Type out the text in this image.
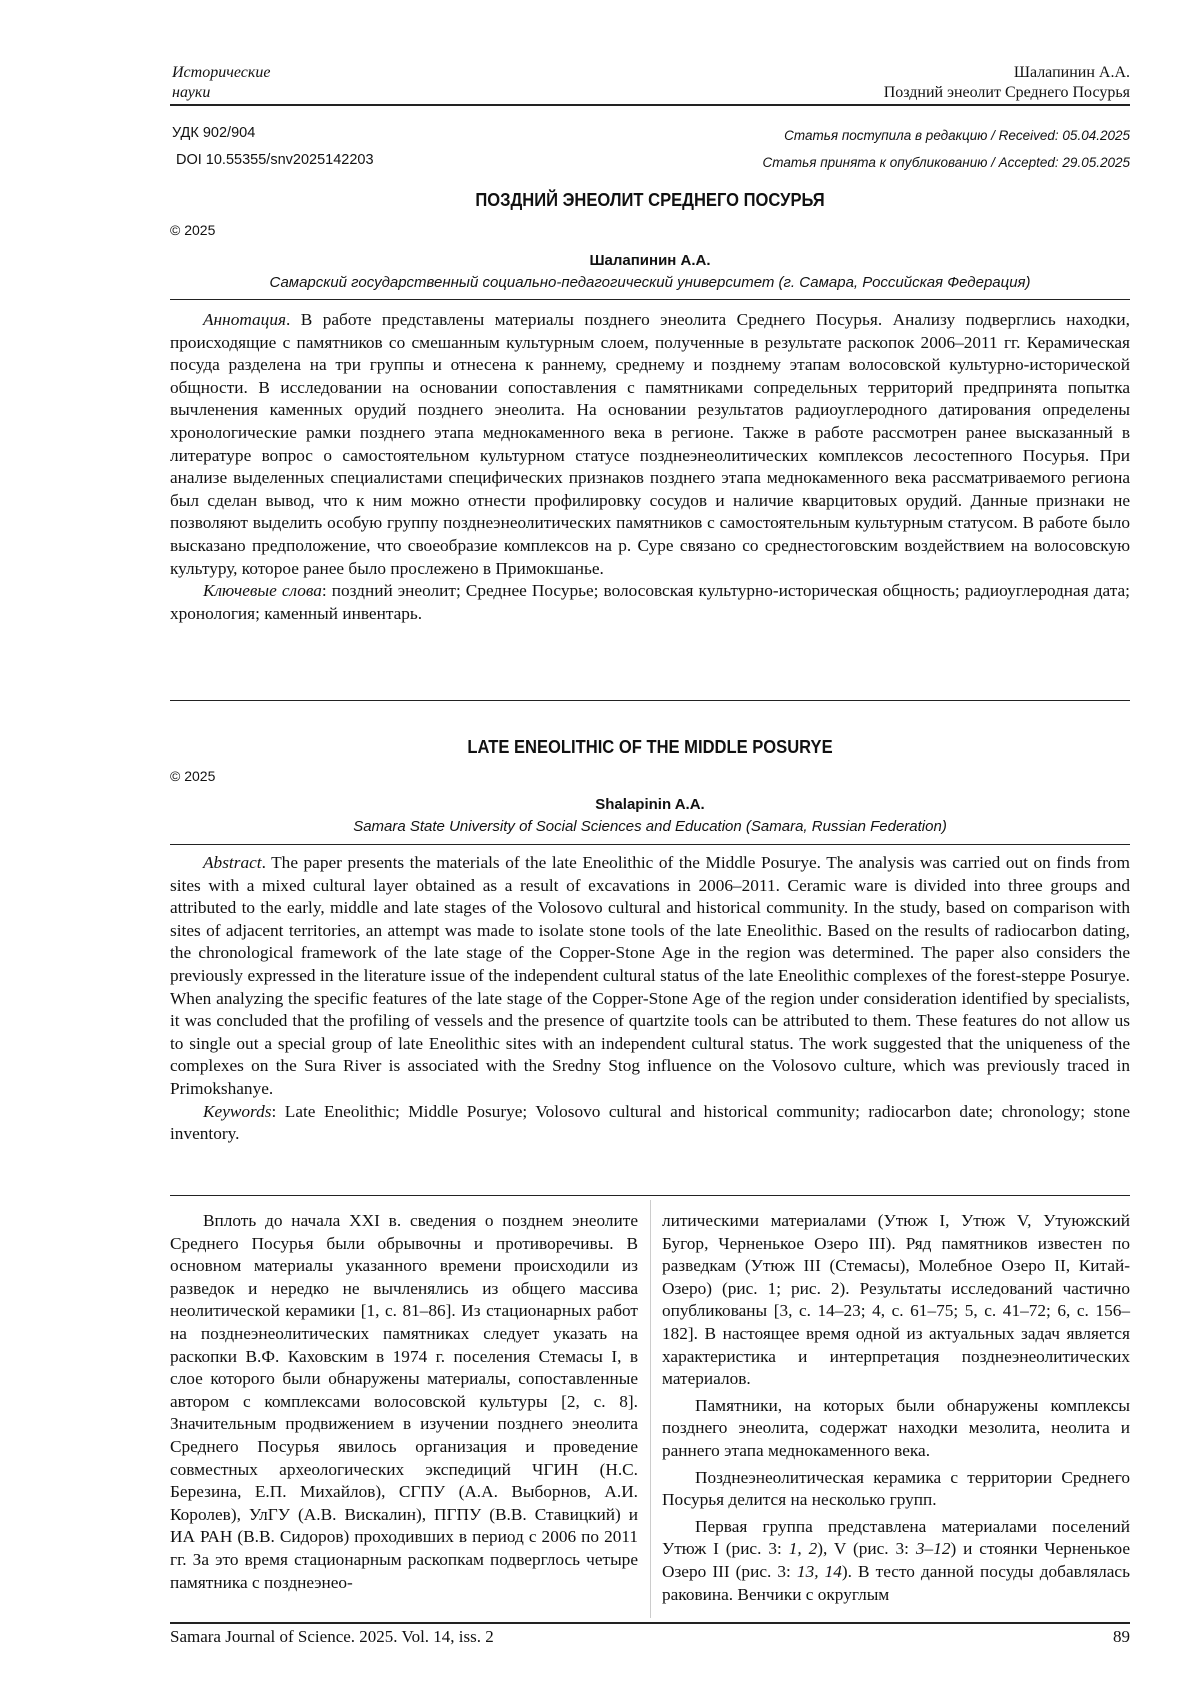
Исторические
науки
Шалапинин А.А.
Поздний энеолит Среднего Посурья
УДК 902/904
DOI 10.55355/snv2025142203
Статья поступила в редакцию / Received: 05.04.2025
Статья принята к опубликованию / Accepted: 29.05.2025
ПОЗДНИЙ ЭНЕОЛИТ СРЕДНЕГО ПОСУРЬЯ
© 2025
Шалапинин А.А.
Самарский государственный социально-педагогический университет (г. Самара, Российская Федерация)

Аннотация. В работе представлены материалы позднего энеолита Среднего Посурья. Анализу подверглись находки, происходящие с памятников со смешанным культурным слоем, полученные в результате раскопок 2006–2011 гг. Керамическая посуда разделена на три группы и отнесена к раннему, среднему и позднему этапам волосовской культурно-исторической общности. В исследовании на основании сопоставления с памятниками сопредельных территорий предпринята попытка вычленения каменных орудий позднего энеолита. На основании результатов радиоуглеродного датирования определены хронологические рамки позднего этапа меднокаменного века в регионе. Также в работе рассмотрен ранее высказанный в литературе вопрос о самостоятельном культурном статусе позднеэнеолитических комплексов лесостепного Посурья. При анализе выделенных специалистами специфических признаков позднего этапа меднокаменного века рассматриваемого региона был сделан вывод, что к ним можно отнести профилировку сосудов и наличие кварцитовых орудий. Данные признаки не позволяют выделить особую группу позднеэнеолитических памятников с самостоятельным культурным статусом. В работе было высказано предположение, что своеобразие комплексов на р. Суре связано со среднестоговским воздействием на волосовскую культуру, которое ранее было прослежено в Примокшанье.

Ключевые слова: поздний энеолит; Среднее Посурье; волосовская культурно-историческая общность; радиоуглеродная дата; хронология; каменный инвентарь.

LATE ENEOLITHIC OF THE MIDDLE POSURYE
© 2025
Shalapinin A.A.
Samara State University of Social Sciences and Education (Samara, Russian Federation)

Abstract. The paper presents the materials of the late Eneolithic of the Middle Posurye. The analysis was carried out on finds from sites with a mixed cultural layer obtained as a result of excavations in 2006–2011. Ceramic ware is divided into three groups and attributed to the early, middle and late stages of the Volosovo cultural and historical community. In the study, based on comparison with sites of adjacent territories, an attempt was made to isolate stone tools of the late Eneolithic. Based on the results of radiocarbon dating, the chronological framework of the late stage of the Copper-Stone Age in the region was determined. The paper also considers the previously expressed in the literature issue of the independent cultural status of the late Eneolithic complexes of the forest-steppe Posurye. When analyzing the specific features of the late stage of the Copper-Stone Age of the region under consideration identified by specialists, it was concluded that the profiling of vessels and the presence of quartzite tools can be attributed to them. These features do not allow us to single out a special group of late Eneolithic sites with an independent cultural status. The work suggested that the uniqueness of the complexes on the Sura River is associated with the Sredny Stog influence on the Volosovo culture, which was previously traced in Primokshanye.

Keywords: Late Eneolithic; Middle Posurye; Volosovo cultural and historical community; radiocarbon date; chronology; stone inventory.

Вплоть до начала XXI в. сведения о позднем энеолите Среднего Посурья были обрывочны и противоречивы. В основном материалы указанного времени происходили из разведок и нередко не вычленялись из общего массива неолитической керамики [1, с. 81–86]. Из стационарных работ на позднеэнеолитических памятниках следует указать на раскопки В.Ф. Каховским в 1974 г. поселения Стемасы I, в слое которого были обнаружены материалы, сопоставленные автором с комплексами волосовской культуры [2, с. 8]. Значительным продвижением в изучении позднего энеолита Среднего Посурья явилось организация и проведение совместных археологических экспедиций ЧГИН (Н.С. Березина, Е.П. Михайлов), СГПУ (А.А. Выборнов, А.И. Королев), УлГУ (А.В. Вискалин), ПГПУ (В.В. Ставицкий) и ИА РАН (В.В. Сидоров) проходивших в период с 2006 по 2011 гг. За это время стационарным раскопкам подверглось четыре памятника с позднеэнео-

литическими материалами (Утюж I, Утюж V, Утуюжский Бугор, Черненькое Озеро III). Ряд памятников известен по разведкам (Утюж III (Стемасы), Молебное Озеро II, Китай-Озеро) (рис. 1; рис. 2). Результаты исследований частично опубликованы [3, с. 14–23; 4, с. 61–75; 5, с. 41–72; 6, с. 156–182]. В настоящее время одной из актуальных задач является характеристика и интерпретация позднеэнеолитических материалов.

Памятники, на которых были обнаружены комплексы позднего энеолита, содержат находки мезолита, неолита и раннего этапа меднокаменного века.

Позднеэнеолитическая керамика с территории Среднего Посурья делится на несколько групп.

Первая группа представлена материалами поселений Утюж I (рис. 3: 1, 2), V (рис. 3: 3–12) и стоянки Черненькое Озеро III (рис. 3: 13, 14). В тесто данной посуды добавлялась раковина. Венчики с округлым

Samara Journal of Science. 2025. Vol. 14, iss. 2	89
